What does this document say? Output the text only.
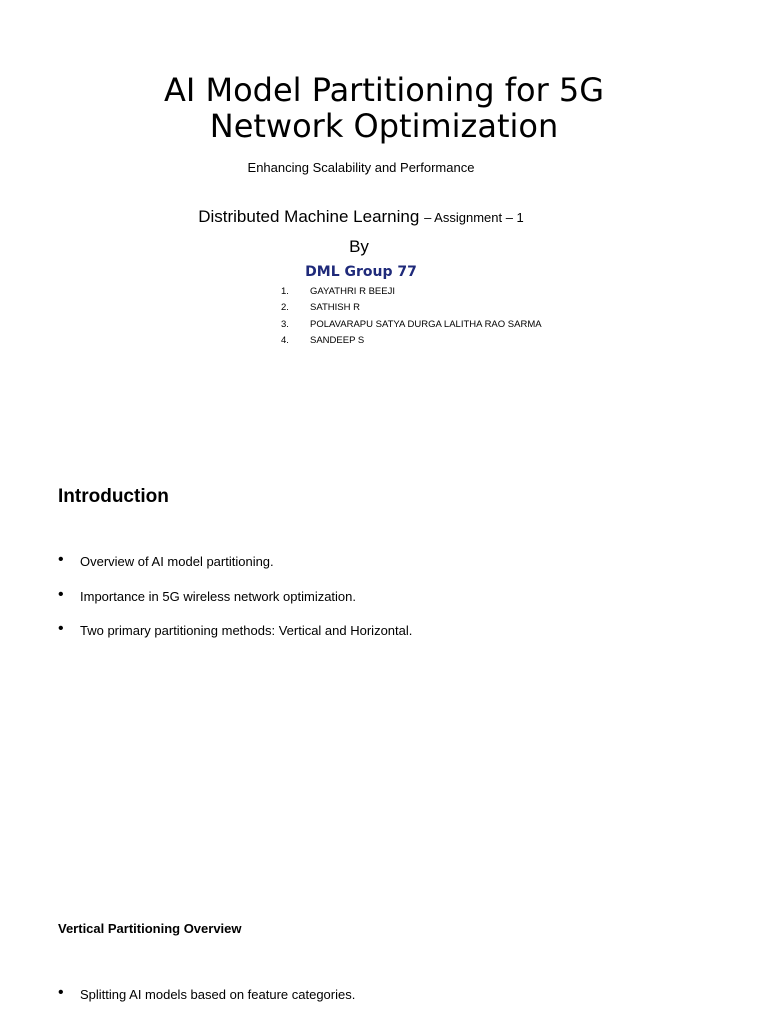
AI Model Partitioning for 5G
Network Optimization
Enhancing Scalability and Performance
Distributed Machine Learning – Assignment – 1
By
DML Group 77
1. GAYATHRI R BEEJI
2. SATHISH R
3. POLAVARAPU SATYA DURGA LALITHA RAO SARMA
4. SANDEEP S
Introduction
• Overview of AI model partitioning.
• Importance in 5G wireless network optimization.
• Two primary partitioning methods: Vertical and Horizontal.
Vertical Partitioning Overview
• Splitting AI models based on feature categories.
